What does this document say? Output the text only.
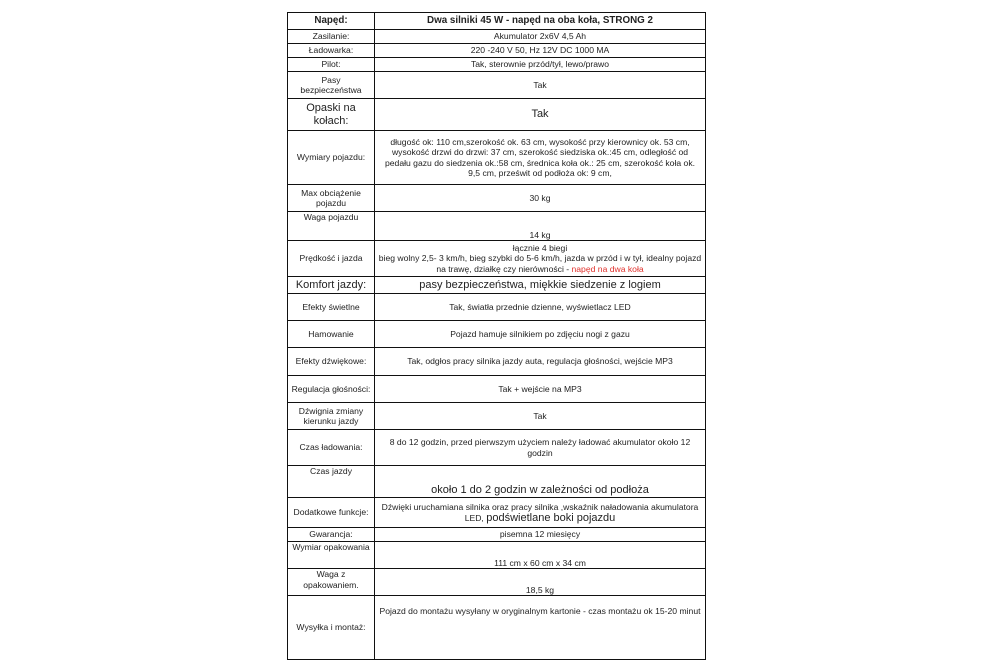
Napęd:	Dwa silniki 45 W - napęd na oba koła, STRONG 2
Zasilanie:	Akumulator 2x6V 4,5 Ah
Ładowarka:	220 -240 V 50, Hz 12V DC 1000 MA
Pilot:	Tak, sterownie przód/tył, lewo/prawo
Pasy bezpieczeństwa	Tak
Opaski na kołach:	Tak
Wymiary pojazdu:	długość ok: 110 cm,szerokość ok. 63 cm, wysokość przy kierownicy ok. 53 cm, wysokość drzwi do drzwi: 37 cm, szerokość siedziska ok.:45 cm, odległość od pedału gazu do siedzenia ok.:58 cm, średnica koła ok.: 25 cm, szerokość koła ok. 9,5 cm, prześwit od podłoża ok: 9 cm,
Max obciążenie pojazdu	30 kg
Waga pojazdu	14 kg
Prędkość i jazda	łącznie 4 biegi
bieg wolny 2,5- 3 km/h, bieg szybki do 5-6 km/h, jazda w przód i w tył, idealny pojazd na trawę, działkę czy nierówności - napęd na dwa koła

Komfort jazdy:	pasy bezpieczeństwa, miękkie siedzenie z logiem
Efekty świetlne	Tak, światła przednie dzienne, wyświetlacz LED
Hamowanie	Pojazd hamuje silnikiem po zdjęciu nogi z gazu
Efekty dźwiękowe:	Tak, odgłos pracy silnika jazdy auta, regulacja głośności, wejście MP3
Regulacja głośności:	Tak + wejście na MP3
Dźwignia zmiany kierunku jazdy	Tak
Czas ładowania:	8 do 12 godzin, przed pierwszym użyciem należy ładować akumulator około 12 godzin
Czas jazdy	około 1 do 2 godzin w zależności od podłoża
Dodatkowe funkcje:	Dźwięki uruchamiana silnika oraz pracy silnika ,wskaźnik naładowania akumulatora LED, podświetlane boki pojazdu
Gwarancja:	pisemna 12 miesięcy
Wymiar opakowania	111 cm x 60 cm x 34 cm
Waga z opakowaniem.	18,5 kg
Wysyłka i montaż:	Pojazd do montażu wysyłany w oryginalnym kartonie - czas montażu ok 15-20 minut
